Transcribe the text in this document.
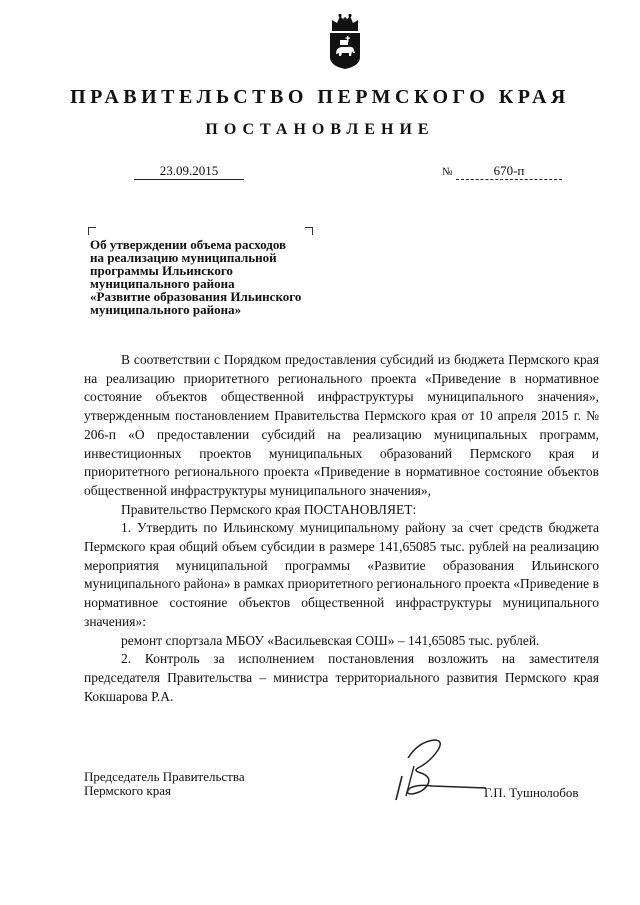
ПРАВИТЕЛЬСТВО ПЕРМСКОГО КРАЯ
ПОСТАНОВЛЕНИЕ
23.09.2015	№	670-п
Об утверждении объема расходов
на реализацию муниципальной
программы Ильинского
муниципального района
«Развитие образования Ильинского
муниципального района»

В соответствии с Порядком предоставления субсидий из бюджета Пермского края на реализацию приоритетного регионального проекта «Приведение в нормативное состояние объектов общественной инфраструктуры муниципального значения», утвержденным постановлением Правительства Пермского края от 10 апреля 2015 г. № 206-п «О предоставлении субсидий на реализацию муниципальных программ, инвестиционных проектов муниципальных образований Пермского края и приоритетного регионального проекта «Приведение в нормативное состояние объектов общественной инфраструктуры муниципального значения»,

Правительство Пермского края ПОСТАНОВЛЯЕТ:

1. Утвердить по Ильинскому муниципальному району за счет средств бюджета Пермского края общий объем субсидии в размере 141,65085 тыс. рублей на реализацию мероприятия муниципальной программы «Развитие образования Ильинского муниципального района» в рамках приоритетного регионального проекта «Приведение в нормативное состояние объектов общественной инфраструктуры муниципального значения»:

ремонт спортзала МБОУ «Васильевская СОШ» – 141,65085 тыс. рублей.

2. Контроль за исполнением постановления возложить на заместителя председателя Правительства – министра территориального развития Пермского края Кокшарова Р.А.

Председатель Правительства
Пермского края	Г.П. Тушнолобов
